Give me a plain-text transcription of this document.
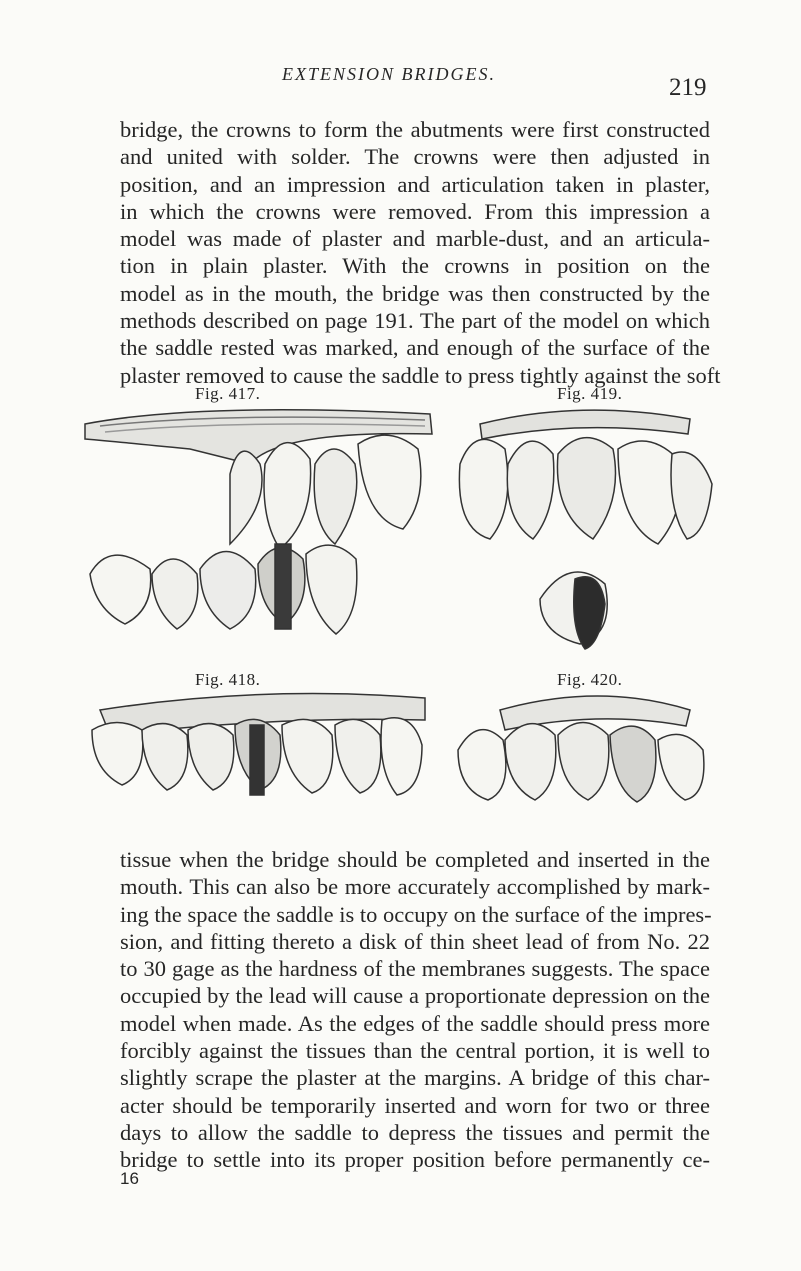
EXTENSION BRIDGES.	219

bridge, the crowns to form the abutments were first constructed
and united with solder. The crowns were then adjusted in
position, and an impression and articulation taken in plaster,
in which the crowns were removed. From this impression a
model was made of plaster and marble-dust, and an articula-
tion in plain plaster. With the crowns in position on the
model as in the mouth, the bridge was then constructed by the
methods described on page 191. The part of the model on which
the saddle rested was marked, and enough of the surface of the
plaster removed to cause the saddle to press tightly against the soft

Fig. 417.	Fig. 419.
Fig. 418.	Fig. 420.

tissue when the bridge should be completed and inserted in the
mouth. This can also be more accurately accomplished by mark-
ing the space the saddle is to occupy on the surface of the impres-
sion, and fitting thereto a disk of thin sheet lead of from No. 22
to 30 gage as the hardness of the membranes suggests. The space
occupied by the lead will cause a proportionate depression on the
model when made. As the edges of the saddle should press more
forcibly against the tissues than the central portion, it is well to
slightly scrape the plaster at the margins. A bridge of this char-
acter should be temporarily inserted and worn for two or three
days to allow the saddle to depress the tissues and permit the
bridge to settle into its proper position before permanently ce-

16
